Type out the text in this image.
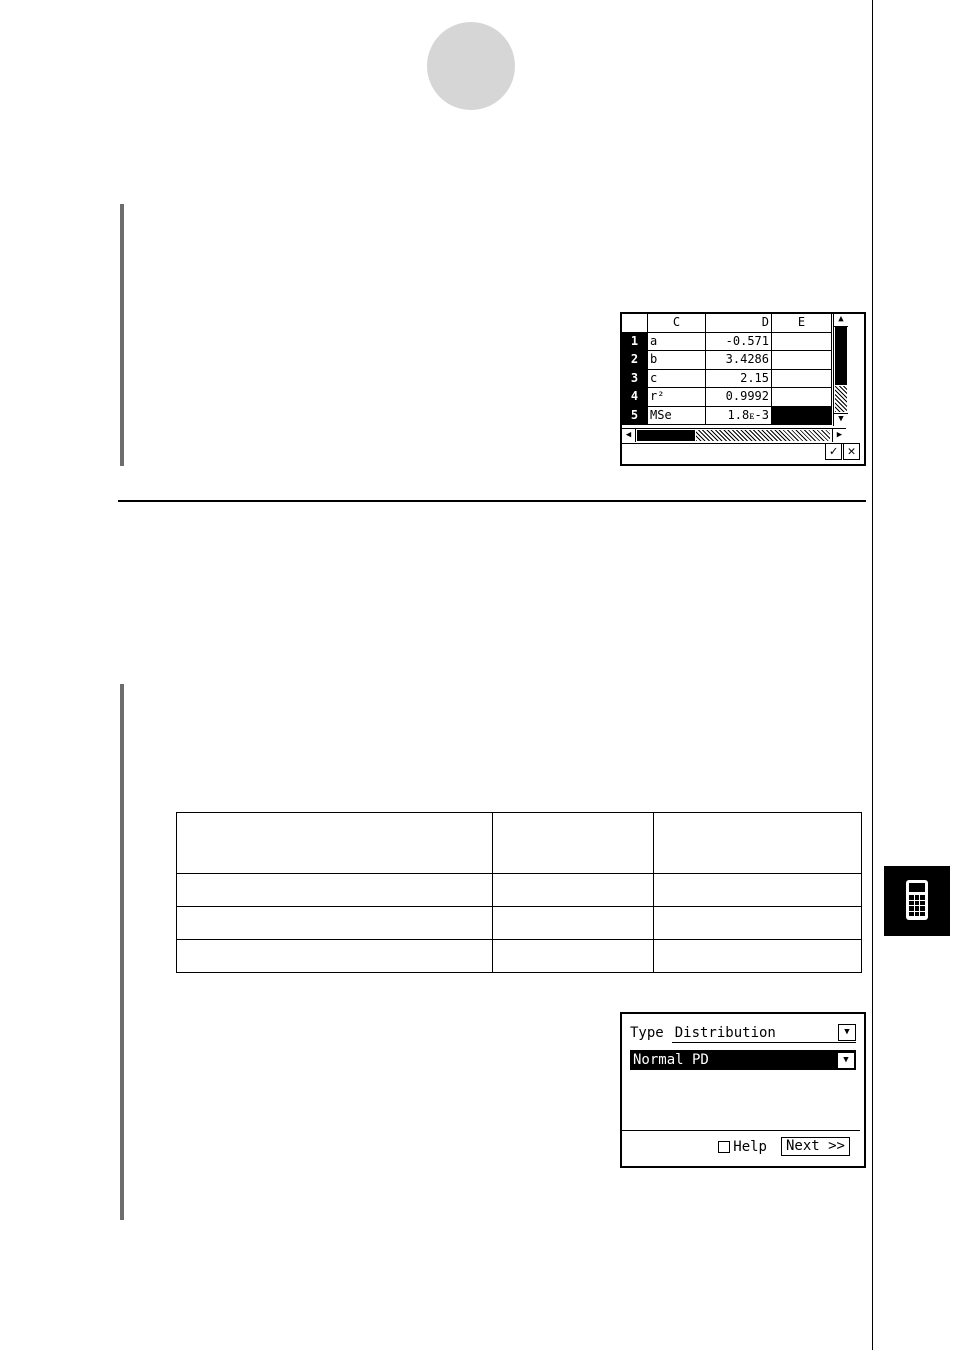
C	D	E
1 a	-0.571
2 b	3.4286
3 c	2.15
4 r²	0.9992
5 MSe	1.8ᴇ-3
▲
▼
◀	▶
✓ ✕

Type Distribution	▼
Normal PD	▼
Help	Next >>
